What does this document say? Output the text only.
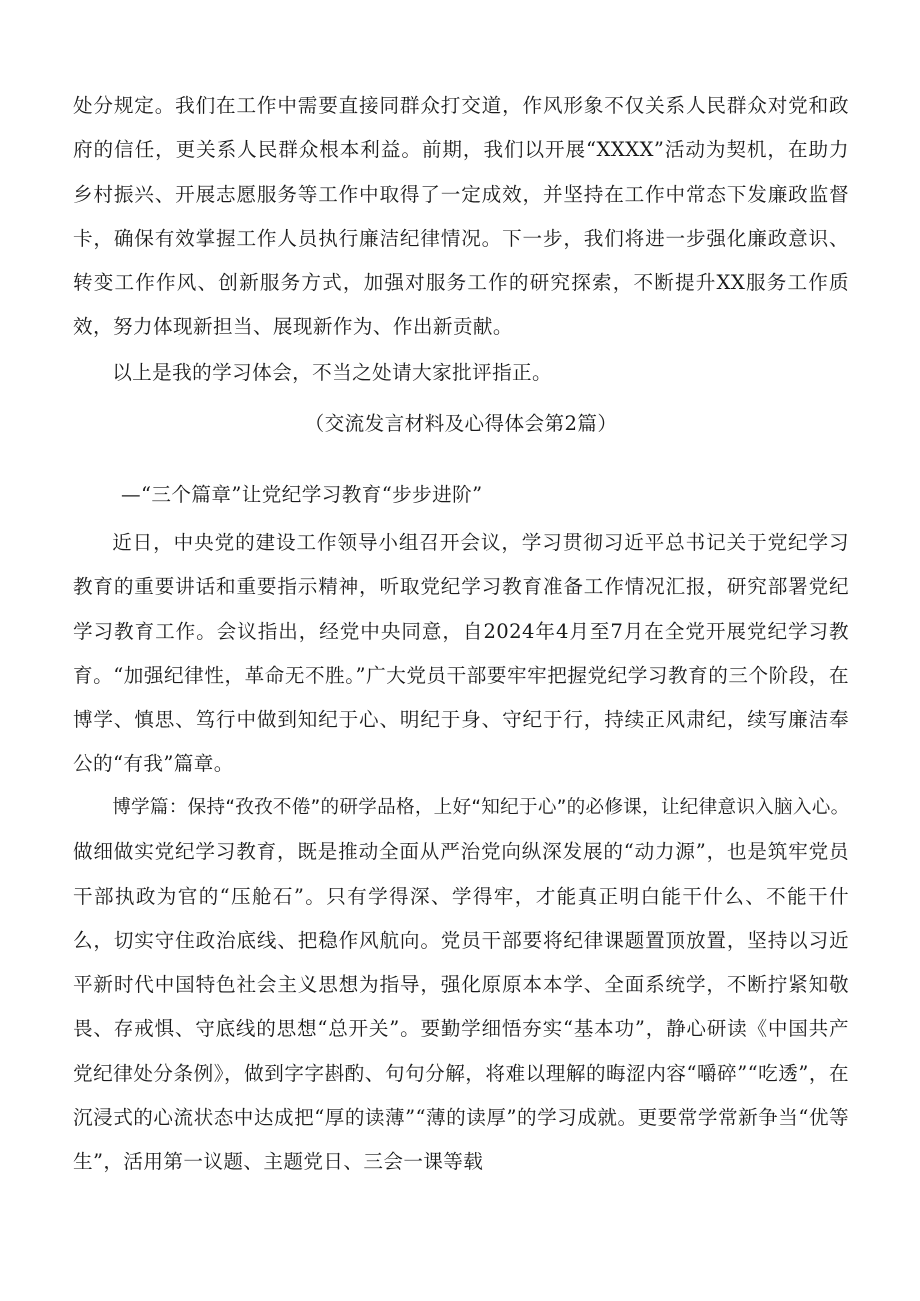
处分规定。我们在工作中需要直接同群众打交道，作风形象不仅关系人民群众对党和政府的信任，更关系人民群众根本利益。前期，我们以开展“XXXX”活动为契机，在助力乡村振兴、开展志愿服务等工作中取得了一定成效，并坚持在工作中常态下发廉政监督卡，确保有效掌握工作人员执行廉洁纪律情况。下一步，我们将进一步强化廉政意识、转变工作作风、创新服务方式，加强对服务工作的研究探索，不断提升XX服务工作质效，努力体现新担当、展现新作为、作出新贡献。

以上是我的学习体会，不当之处请大家批评指正。

（交流发言材料及心得体会第2篇）

—“三个篇章”让党纪学习教育“步步进阶”

近日，中央党的建设工作领导小组召开会议，学习贯彻习近平总书记关于党纪学习教育的重要讲话和重要指示精神，听取党纪学习教育准备工作情况汇报，研究部署党纪学习教育工作。会议指出，经党中央同意，自2024年4月至7月在全党开展党纪学习教育。“加强纪律性，革命无不胜。”广大党员干部要牢牢把握党纪学习教育的三个阶段，在博学、慎思、笃行中做到知纪于心、明纪于身、守纪于行，持续正风肃纪，续写廉洁奉公的“有我”篇章。

博学篇：保持“孜孜不倦”的研学品格，上好“知纪于心”的必修课，让纪律意识入脑入心。做细做实党纪学习教育，既是推动全面从严治党向纵深发展的“动力源”，也是筑牢党员干部执政为官的“压舱石”。只有学得深、学得牢，才能真正明白能干什么、不能干什么，切实守住政治底线、把稳作风航向。党员干部要将纪律课题置顶放置，坚持以习近平新时代中国特色社会主义思想为指导，强化原原本本学、全面系统学，不断拧紧知敬畏、存戒惧、守底线的思想“总开关”。要勤学细悟夯实“基本功”，静心研读《中国共产党纪律处分条例》，做到字字斟酌、句句分解，将难以理解的晦涩内容“嚼碎”“吃透”，在沉浸式的心流状态中达成把“厚的读薄”“薄的读厚”的学习成就。更要常学常新争当“优等生”，活用第一议题、主题党日、三会一课等载
